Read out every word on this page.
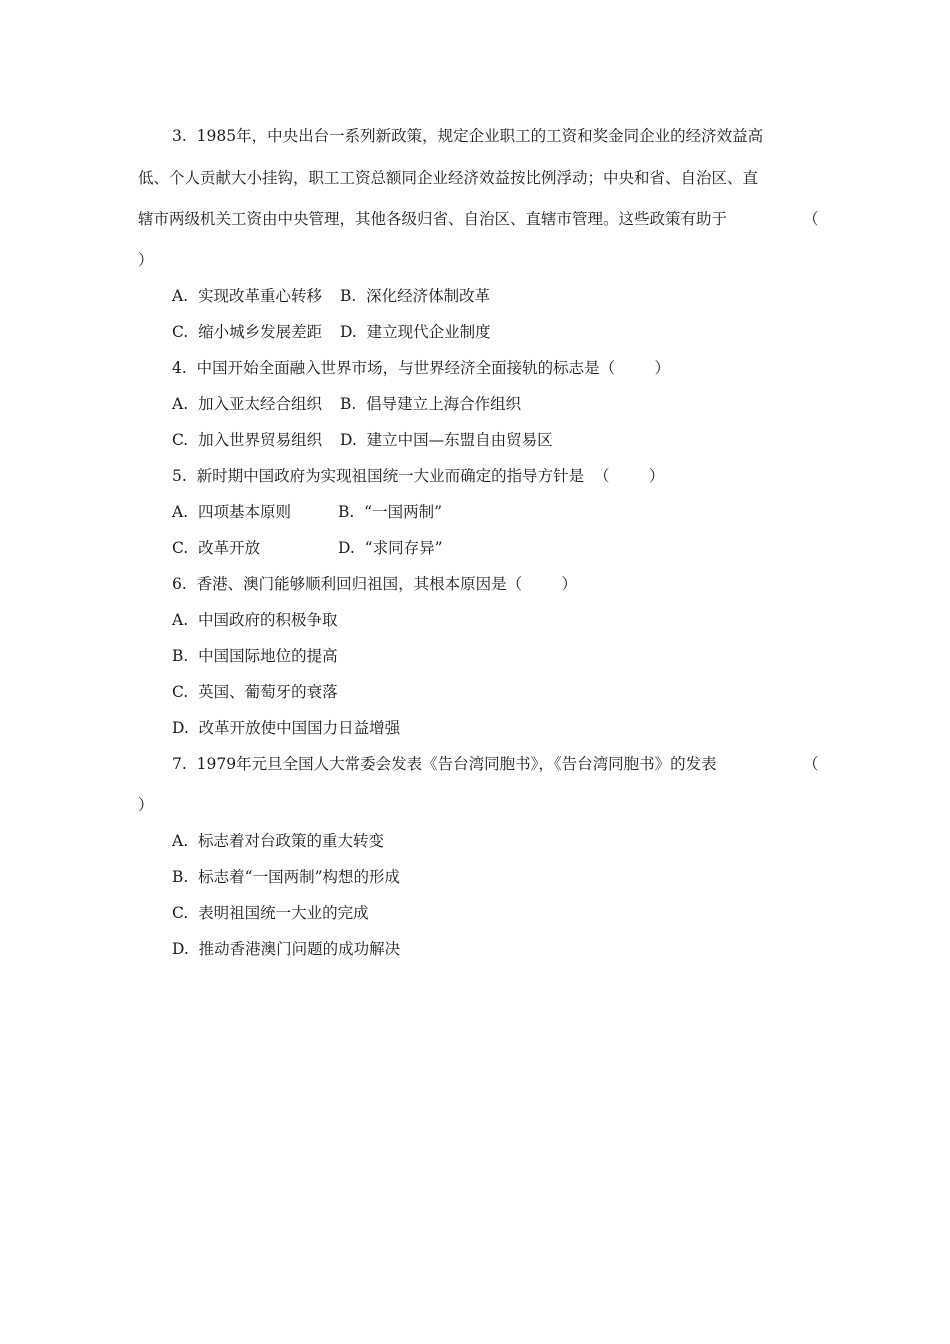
3.  1985年，中央出台一系列新政策，规定企业职工的工资和奖金同企业的经济效益高
低、个人贡献大小挂钩，职工工资总额同企业经济效益按比例浮动；中央和省、自治区、直
辖市两级机关工资由中央管理，其他各级归省、自治区、直辖市管理。这些政策有助于	（
）
A.  实现改革重心转移 B.  深化经济体制改革
C.  缩小城乡发展差距 D.  建立现代企业制度
4.  中国开始全面融入世界市场，与世界经济全面接轨的标志是（        ）
A.  加入亚太经合组织 B.  倡导建立上海合作组织
C.  加入世界贸易组织 D.  建立中国—东盟自由贸易区
5.  新时期中国政府为实现祖国统一大业而确定的指导方针是  （        ）
A.  四项基本原则	B.  “一国两制”
C.  改革开放	D.  “求同存异”
6.  香港、澳门能够顺利回归祖国，其根本原因是（        ）
A.  中国政府的积极争取
B.  中国国际地位的提高
C.  英国、葡萄牙的衰落
D.  改革开放使中国国力日益增强
7.  1979年元旦全国人大常委会发表《告台湾同胞书》，《告台湾同胞书》的发表	（
）
A.  标志着对台政策的重大转变
B.  标志着“一国两制”构想的形成
C.  表明祖国统一大业的完成
D.  推动香港澳门问题的成功解决
